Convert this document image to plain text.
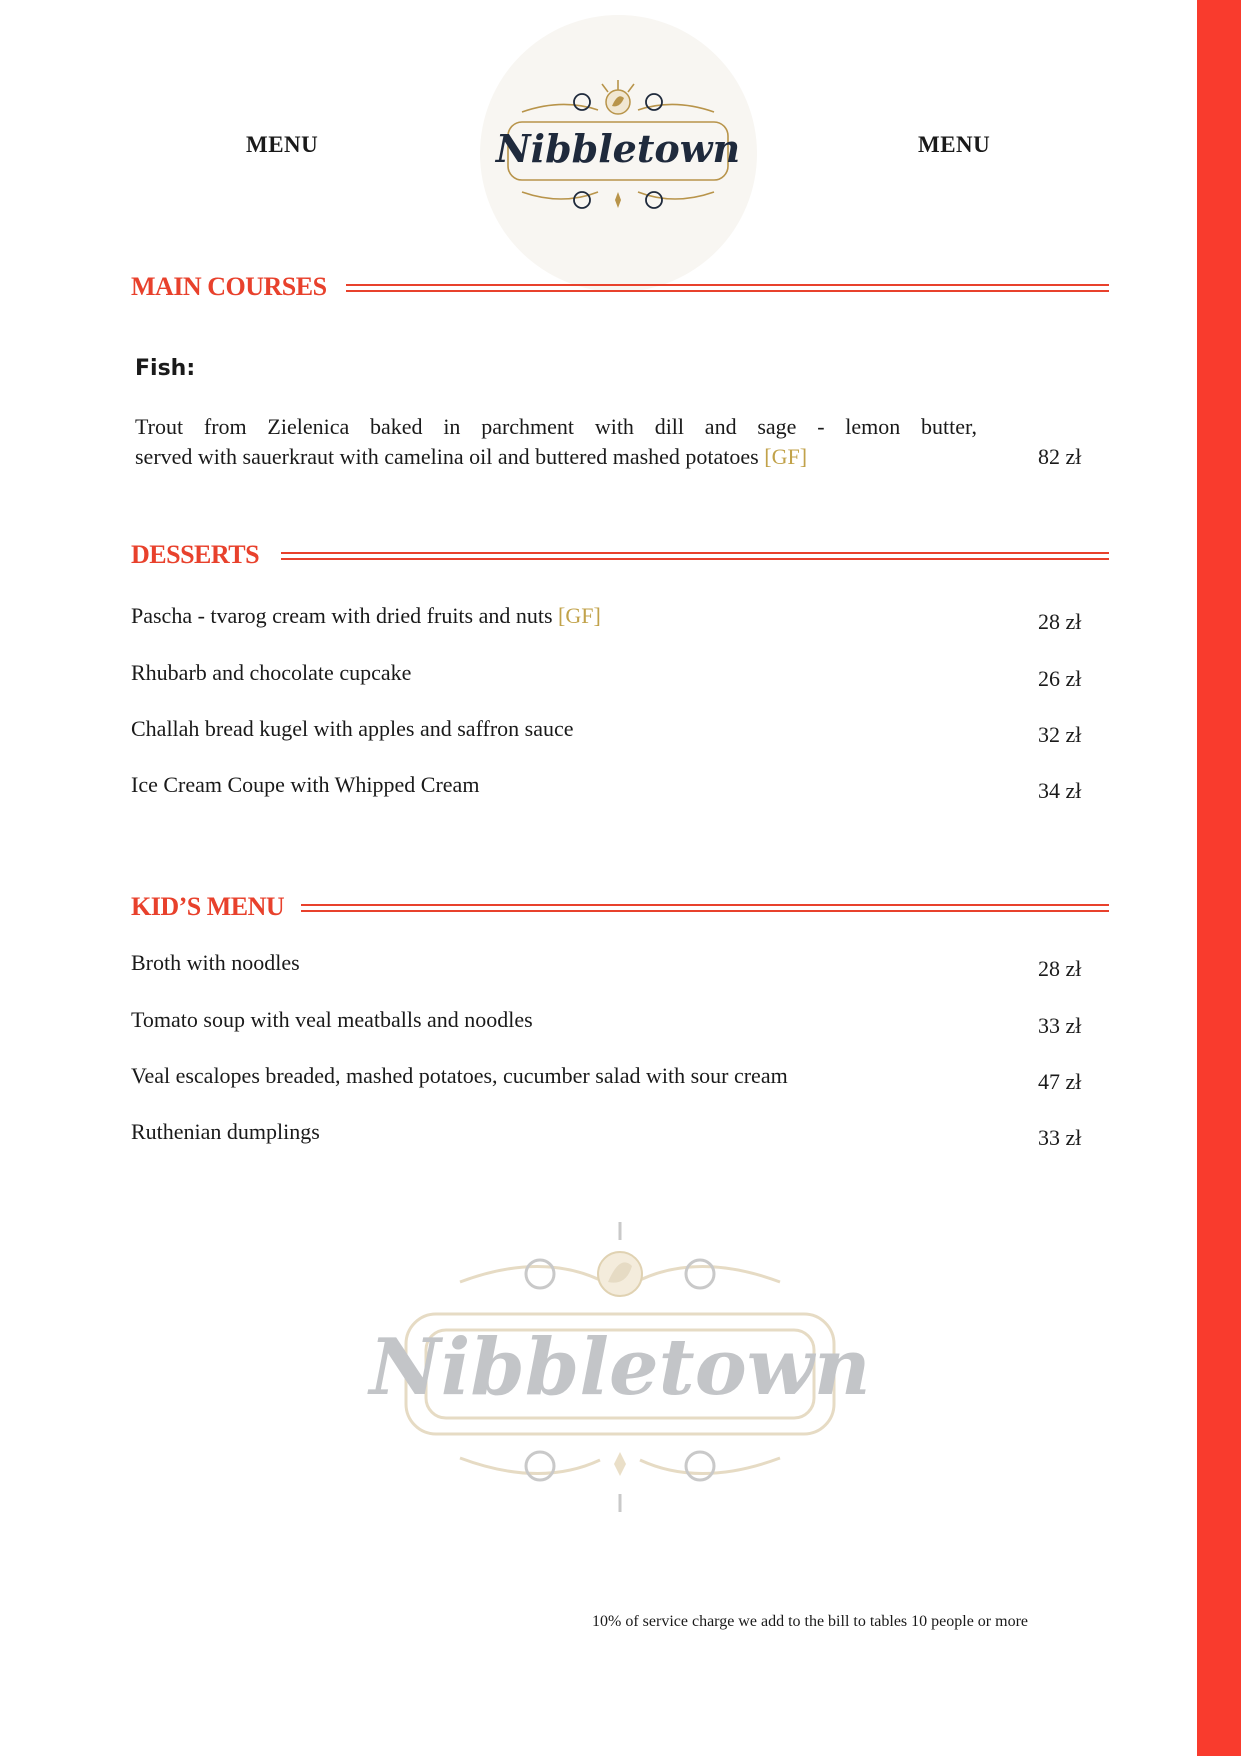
MENU	MENU
Nibbletown
MAIN COURSES
Fish:
Trout from Zielenica baked in parchment with dill and sage - lemon butter,
served with sauerkraut with camelina oil and buttered mashed potatoes [GF]	82 zł
DESSERTS
Pascha - tvarog cream with dried fruits and nuts [GF]	28 zł
Rhubarb and chocolate cupcake	26 zł
Challah bread kugel with apples and saffron sauce	32 zł
Ice Cream Coupe with Whipped Cream	34 zł
KID’S MENU
Broth with noodles	28 zł
Tomato soup with veal meatballs and noodles	33 zł
Veal escalopes breaded, mashed potatoes, cucumber salad with sour cream	47 zł
Ruthenian dumplings	33 zł
Nibbletown
10% of service charge we add to the bill to tables 10 people or more
